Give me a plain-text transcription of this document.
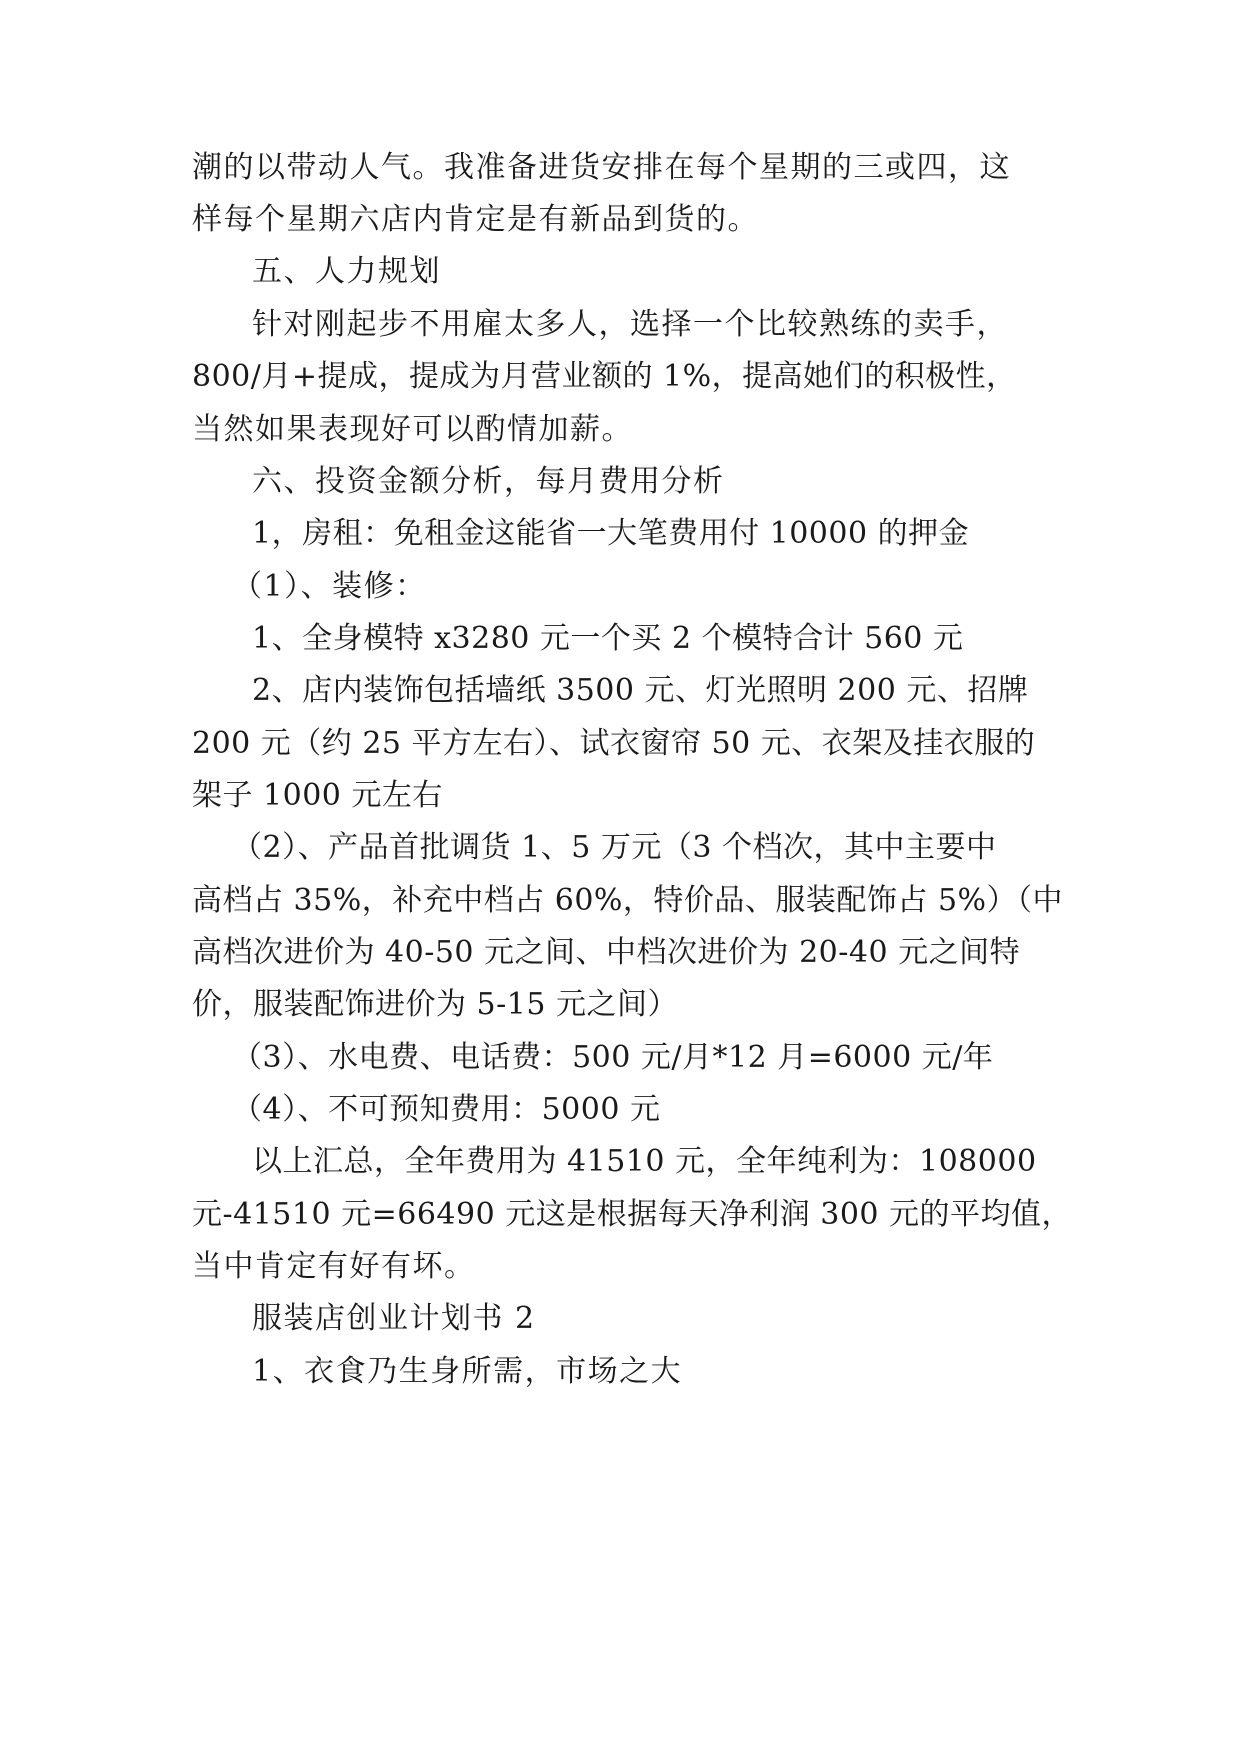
潮的以带动人气。我准备进货安排在每个星期的三或四，这
样每个星期六店内肯定是有新品到货的。
五、人力规划
针对刚起步不用雇太多人，选择一个比较熟练的卖手，
800/月+提成，提成为月营业额的 1%，提高她们的积极性，
当然如果表现好可以酌情加薪。
六、投资金额分析，每月费用分析
1，房租：免租金这能省一大笔费用付 10000 的押金
（1）、装修：
1、全身模特 x3280 元一个买 2 个模特合计 560 元
2、店内装饰包括墙纸 3500 元、灯光照明 200 元、招牌
200 元（约 25 平方左右）、试衣窗帘 50 元、衣架及挂衣服的
架子 1000 元左右
（2）、产品首批调货 1、5 万元（3 个档次，其中主要中
高档占 35%，补充中档占 60%，特价品、服装配饰占 5%）（中
高档次进价为 40-50 元之间、中档次进价为 20-40 元之间特
价，服装配饰进价为 5-15 元之间）
（3）、水电费、电话费：500 元/月*12 月=6000 元/年
（4）、不可预知费用：5000 元
以上汇总，全年费用为 41510 元，全年纯利为：108000
元-41510 元=66490 元这是根据每天净利润 300 元的平均值，
当中肯定有好有坏。
服装店创业计划书 2
1、衣食乃生身所需，市场之大
